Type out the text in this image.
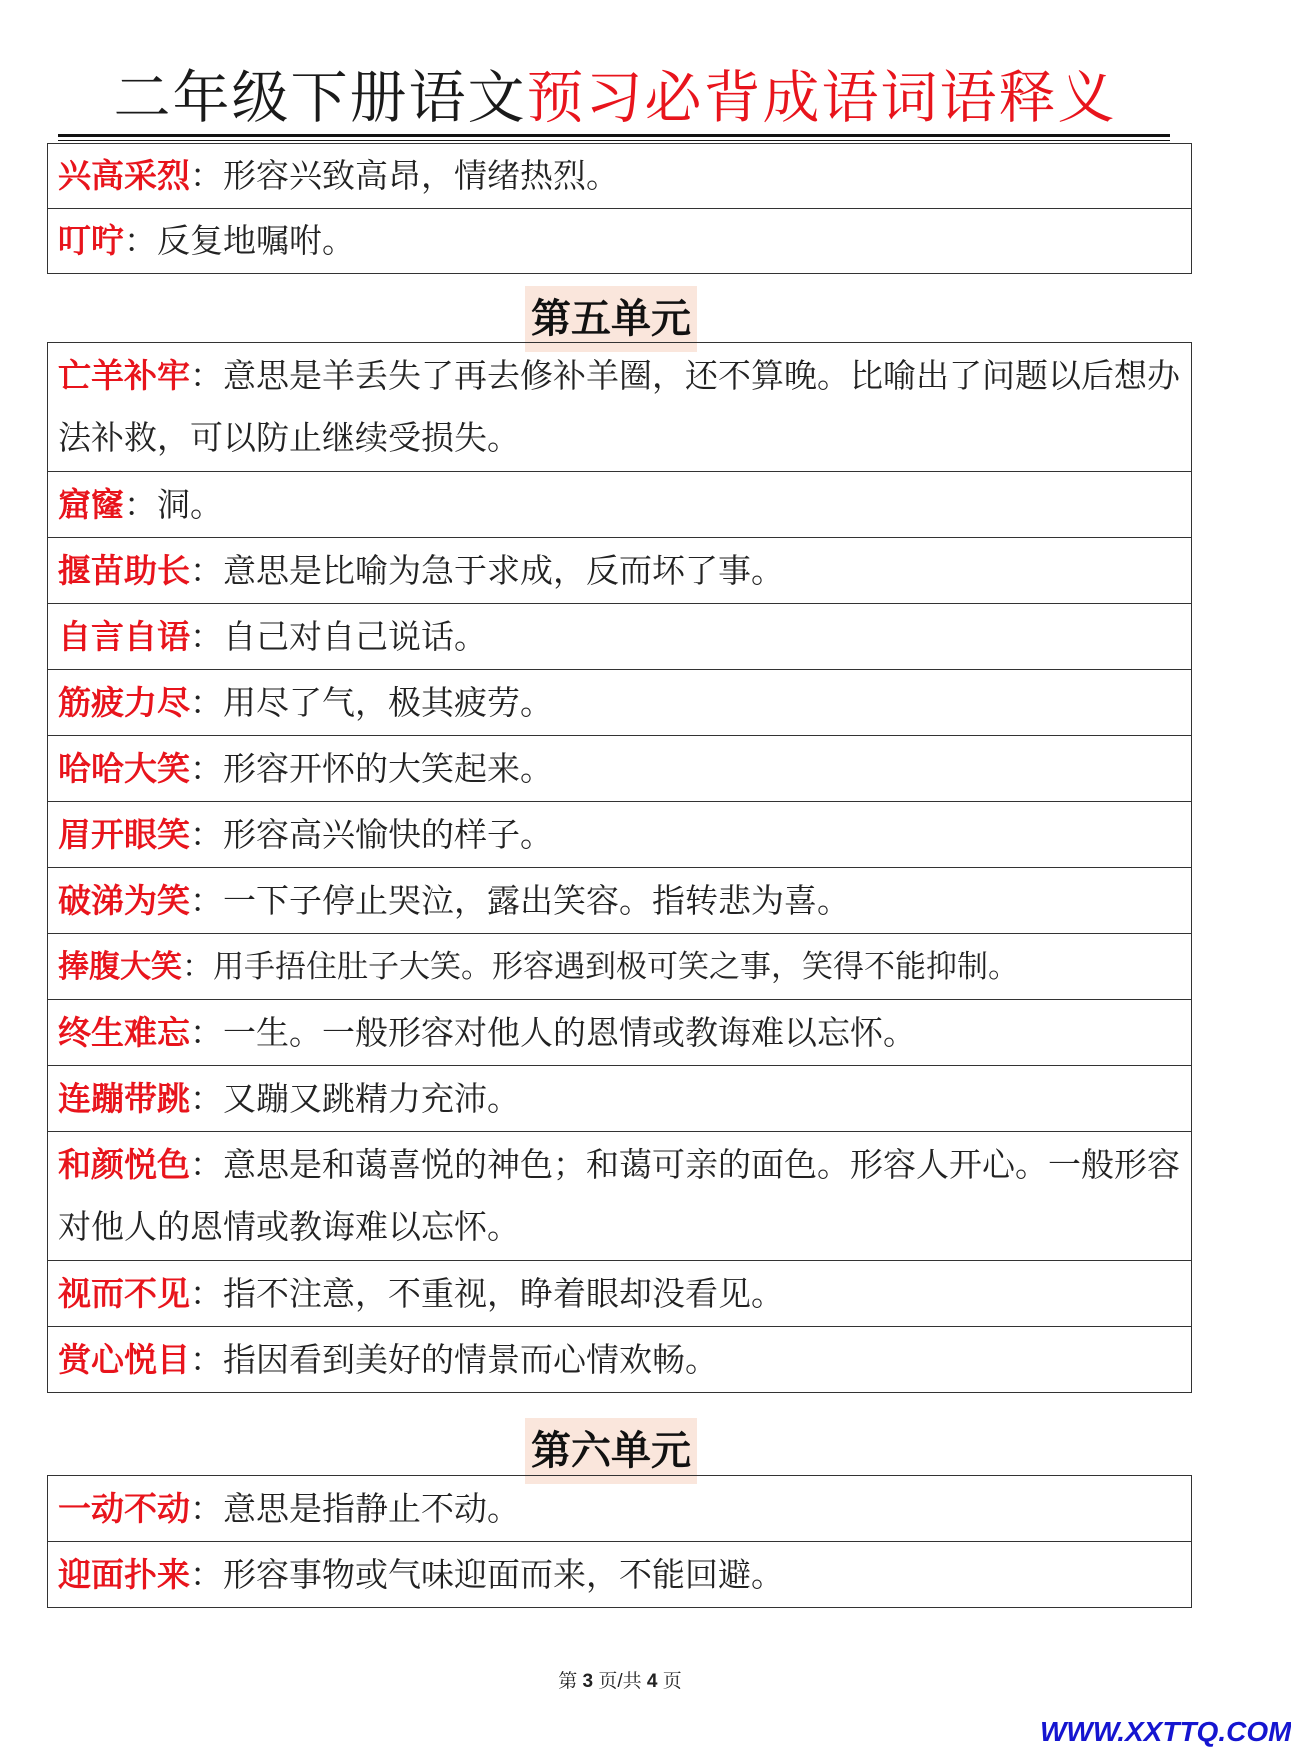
二年级下册语文预习必背成语词语释义
兴高采烈：形容兴致高昂，情绪热烈。
叮咛：反复地嘱咐。
第五单元
亡羊补牢：意思是羊丢失了再去修补羊圈，还不算晚。比喻出了问题以后想办法补救，可以防止继续受损失。
窟窿：洞。
揠苗助长：意思是比喻为急于求成，反而坏了事。
自言自语：自己对自己说话。
筋疲力尽：用尽了气，极其疲劳。
哈哈大笑：形容开怀的大笑起来。
眉开眼笑：形容高兴愉快的样子。
破涕为笑：一下子停止哭泣，露出笑容。指转悲为喜。
捧腹大笑：用手捂住肚子大笑。形容遇到极可笑之事，笑得不能抑制。
终生难忘：一生。一般形容对他人的恩情或教诲难以忘怀。
连蹦带跳：又蹦又跳精力充沛。
和颜悦色：意思是和蔼喜悦的神色；和蔼可亲的面色。形容人开心。一般形容对他人的恩情或教诲难以忘怀。
视而不见：指不注意，不重视，睁着眼却没看见。
赏心悦目：指因看到美好的情景而心情欢畅。
第六单元
一动不动：意思是指静止不动。
迎面扑来：形容事物或气味迎面而来，不能回避。
第 3 页/共 4 页
WWW.XXTTQ.COM
